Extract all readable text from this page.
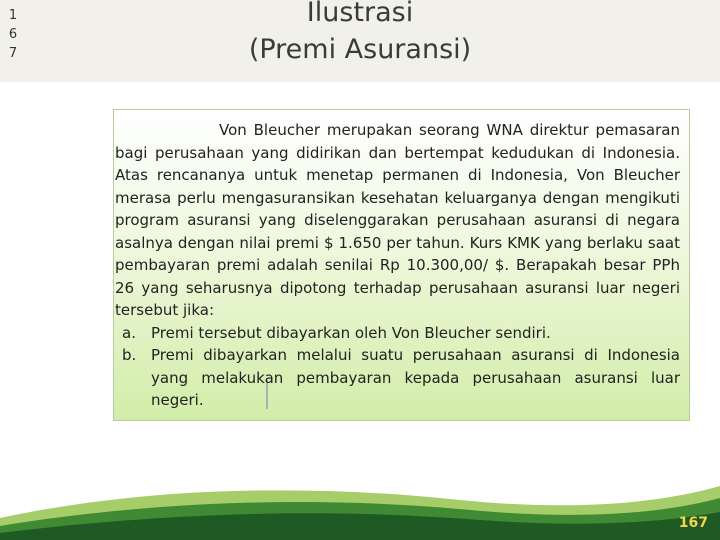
1
6
7
Ilustrasi
(Premi Asuransi)

Von Bleucher merupakan seorang WNA direktur pemasaran bagi perusahaan yang didirikan dan bertempat kedudukan di Indonesia. Atas rencananya untuk menetap permanen di Indonesia, Von Bleucher merasa perlu mengasuransikan kesehatan keluarganya dengan mengikuti program asuransi yang diselenggarakan perusahaan asuransi di negara asalnya dengan nilai premi $ 1.650 per tahun. Kurs KMK yang berlaku saat pembayaran premi adalah senilai Rp 10.300,00/ $. Berapakah besar PPh 26 yang seharusnya dipotong terhadap perusahaan asuransi luar negeri tersebut jika:

a.	Premi tersebut dibayarkan oleh Von Bleucher sendiri.
b. Premi dibayarkan melalui suatu perusahaan asuransi di Indonesia yang melakukan pembayaran kepada perusahaan asuransi luar negeri.
167
